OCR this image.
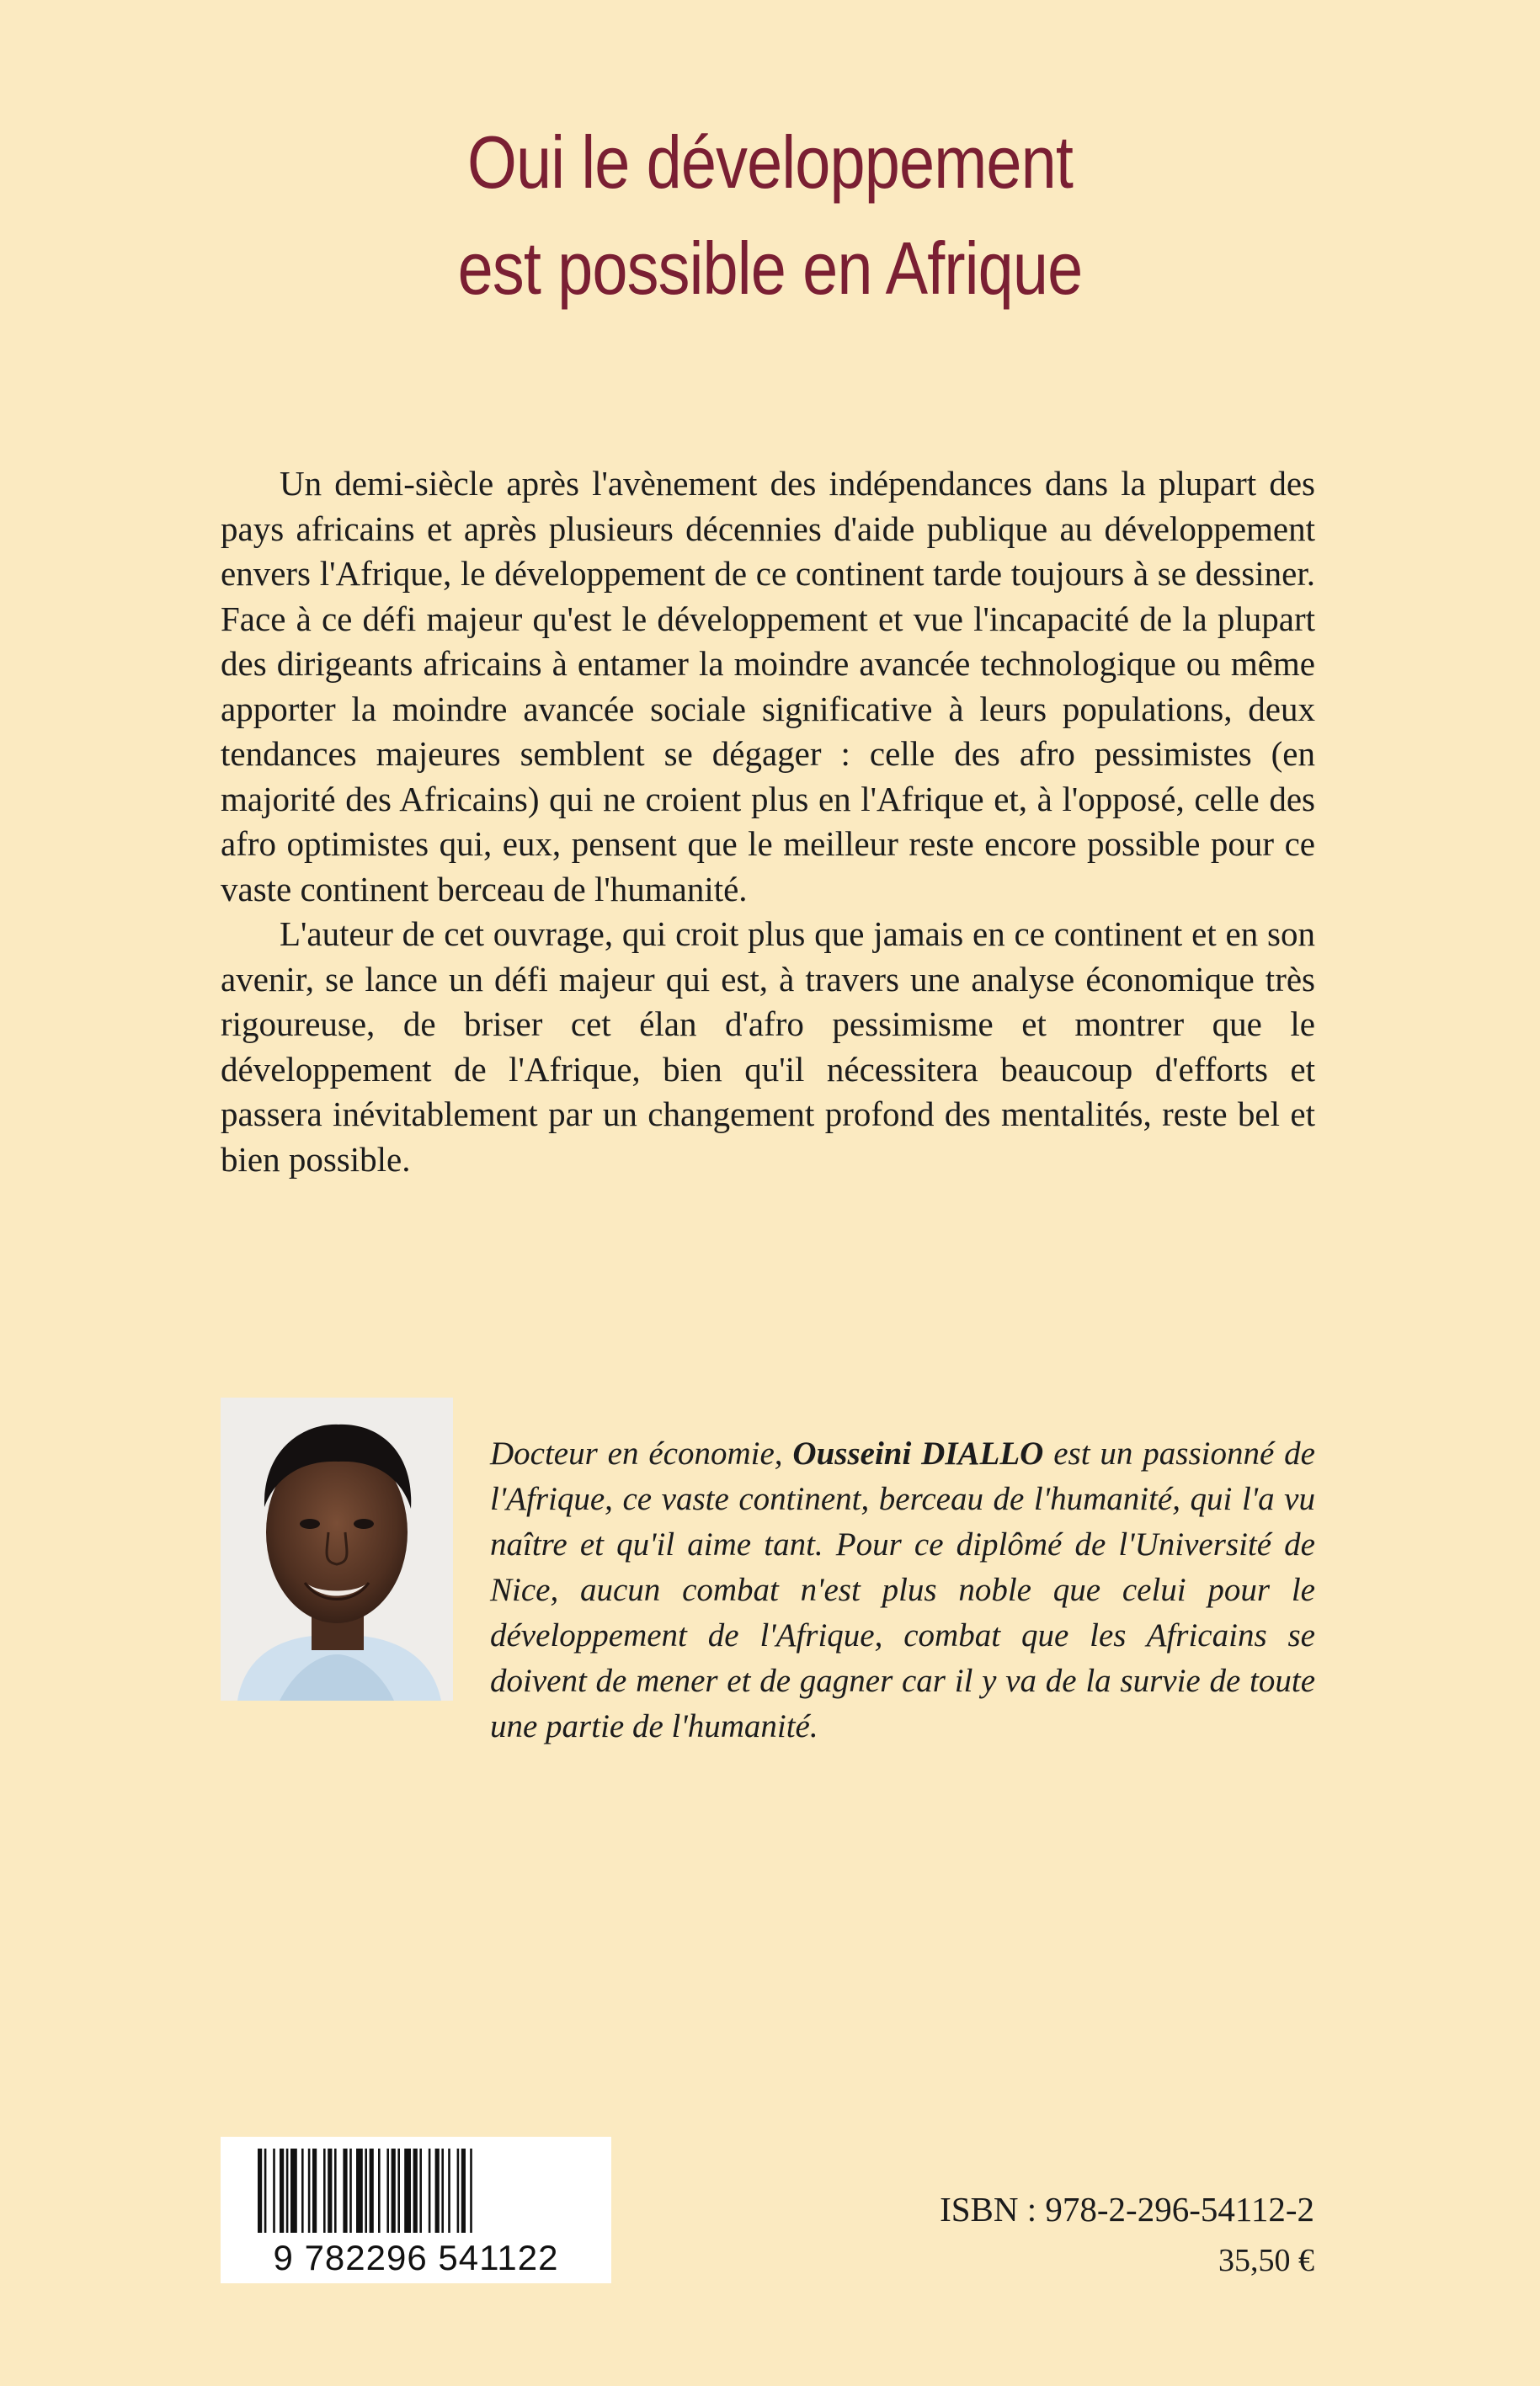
Oui le développement
est possible en Afrique

Un demi-siècle après l'avènement des indépendances dans la plupart des pays africains et après plusieurs décennies d'aide publique au développement envers l'Afrique, le développement de ce continent tarde toujours à se dessiner. Face à ce défi majeur qu'est le développement et vue l'incapacité de la plupart des dirigeants africains à entamer la moindre avancée technologique ou même apporter la moindre avancée sociale significative à leurs populations, deux tendances majeures semblent se dégager : celle des afro pessimistes (en majorité des Africains) qui ne croient plus en l'Afrique et, à l'opposé, celle des afro optimistes qui, eux, pensent que le meilleur reste encore possible pour ce vaste continent berceau de l'humanité.

L'auteur de cet ouvrage, qui croit plus que jamais en ce continent et en son avenir, se lance un défi majeur qui est, à travers une analyse économique très rigoureuse, de briser cet élan d'afro pessimisme et montrer que le développement de l'Afrique, bien qu'il nécessitera beaucoup d'efforts et passera inévitablement par un changement profond des mentalités, reste bel et bien possible.

Docteur en économie, Ousseini DIALLO est un passionné de l'Afrique, ce vaste continent, berceau de l'humanité, qui l'a vu naître et qu'il aime tant. Pour ce diplômé de l'Université de Nice, aucun combat n'est plus noble que celui pour le développement de l'Afrique, combat que les Africains se doivent de mener et de gagner car il y va de la survie de toute une partie de l'humanité.
9 782296 541122
ISBN : 978-2-296-54112-2
35,50 €
